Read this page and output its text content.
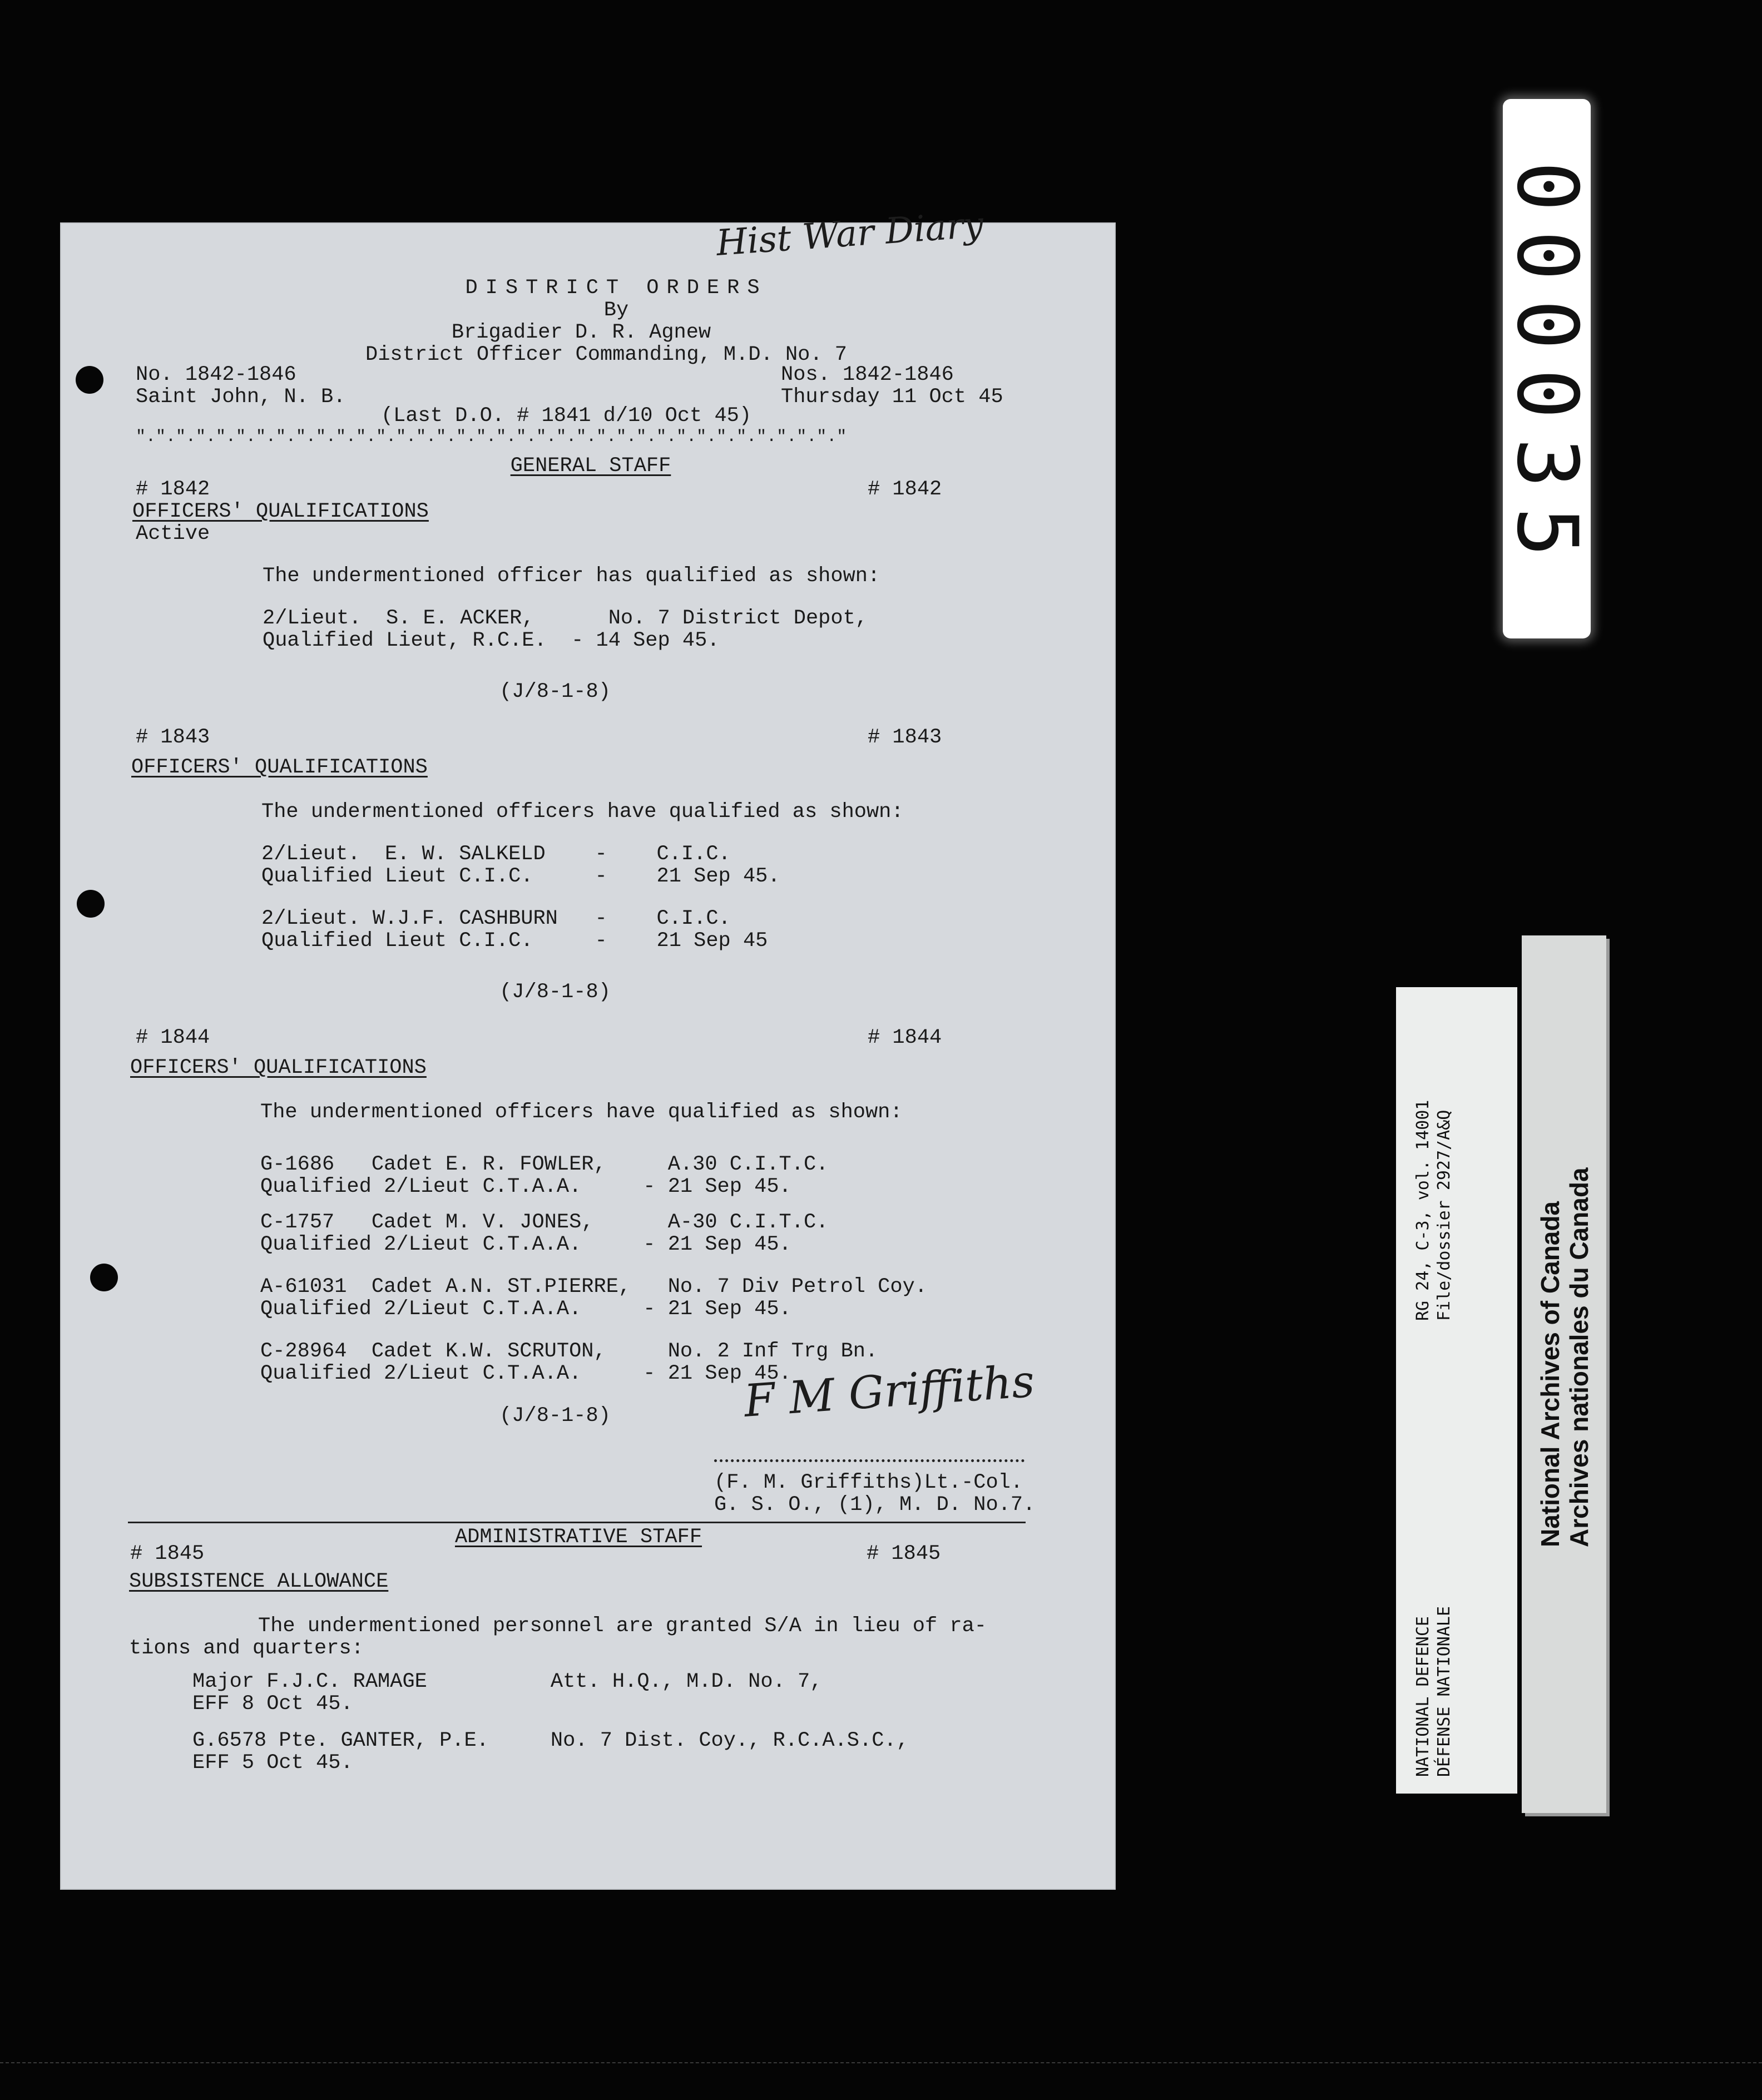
Hist War Diary
DISTRICT ORDERS
By
Brigadier D. R. Agnew
District Officer Commanding, M.D. No. 7
No. 1842-1846
Saint John, N. B.
Nos. 1842-1846
Thursday 11 Oct 45
(Last D.O. # 1841 d/10 Oct 45)
"."."."."."."."."."."."."."."."."."."."."."."."."."."."."."."."."."."."
GENERAL STAFF
# 1842	# 1842
OFFICERS' QUALIFICATIONS
Active
The undermentioned officer has qualified as shown:
2/Lieut.  S. E. ACKER,      No. 7 District Depot,
Qualified Lieut, R.C.E.  - 14 Sep 45.
(J/8-1-8)
# 1843	# 1843
OFFICERS' QUALIFICATIONS
The undermentioned officers have qualified as shown:
2/Lieut.  E. W. SALKELD    -    C.I.C.
Qualified Lieut C.I.C.     -    21 Sep 45.
2/Lieut. W.J.F. CASHBURN   -    C.I.C.
Qualified Lieut C.I.C.     -    21 Sep 45
(J/8-1-8)
# 1844	# 1844
OFFICERS' QUALIFICATIONS
The undermentioned officers have qualified as shown:
G-1686   Cadet E. R. FOWLER,     A.30 C.I.T.C.
Qualified 2/Lieut C.T.A.A.     - 21 Sep 45.
C-1757   Cadet M. V. JONES,      A-30 C.I.T.C.
Qualified 2/Lieut C.T.A.A.     - 21 Sep 45.
A-61031  Cadet A.N. ST.PIERRE,   No. 7 Div Petrol Coy.
Qualified 2/Lieut C.T.A.A.     - 21 Sep 45.
C-28964  Cadet K.W. SCRUTON,     No. 2 Inf Trg Bn.
Qualified 2/Lieut C.T.A.A.     - 21 Sep 45.
(J/8-1-8)	F M Griffiths
(F. M. Griffiths)Lt.-Col.
G. S. O., (1), M. D. No.7.
ADMINISTRATIVE STAFF
# 1845	# 1845
SUBSISTENCE ALLOWANCE
The undermentioned personnel are granted S/A in lieu of ra-
tions and quarters:
Major F.J.C. RAMAGE          Att. H.Q., M.D. No. 7,
EFF 8 Oct 45.
G.6578 Pte. GANTER, P.E.     No. 7 Dist. Coy., R.C.A.S.C.,
EFF 5 Oct 45.
000035
RG 24, C-3, vol. 14001 File/dossier 2927/A&Q
NATIONAL DEFENCE DÉFENSE NATIONALE
National Archives of Canada Archives nationales du Canada
